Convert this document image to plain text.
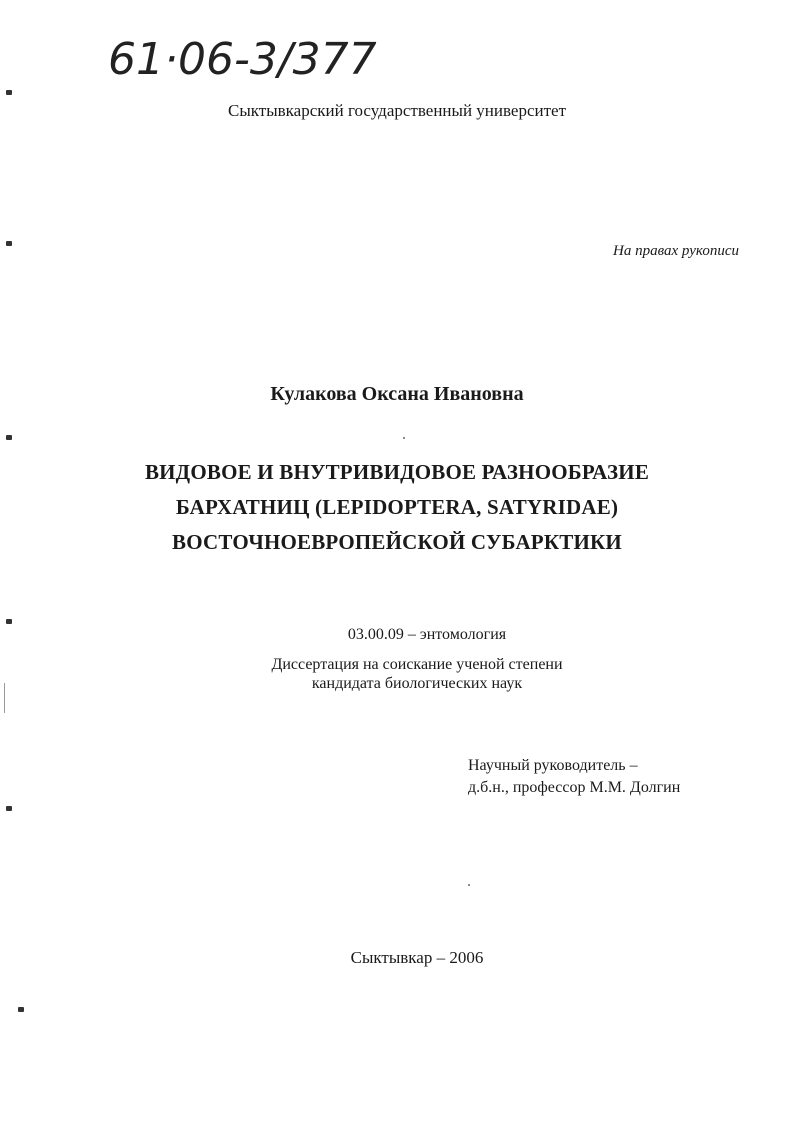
61·06-3/377
Сыктывкарский государственный университет
На правах рукописи
Кулакова Оксана Ивановна
ВИДОВОЕ И ВНУТРИВИДОВОЕ РАЗНООБРАЗИЕ
БАРХАТНИЦ (LEPIDOPTERA, SATYRIDAE)
ВОСТОЧНОЕВРОПЕЙСКОЙ СУБАРКТИКИ
03.00.09 – энтомология
Диссертация на соискание ученой степени
кандидата биологических наук
Научный руководитель –
д.б.н., профессор М.М. Долгин
Сыктывкар – 2006
